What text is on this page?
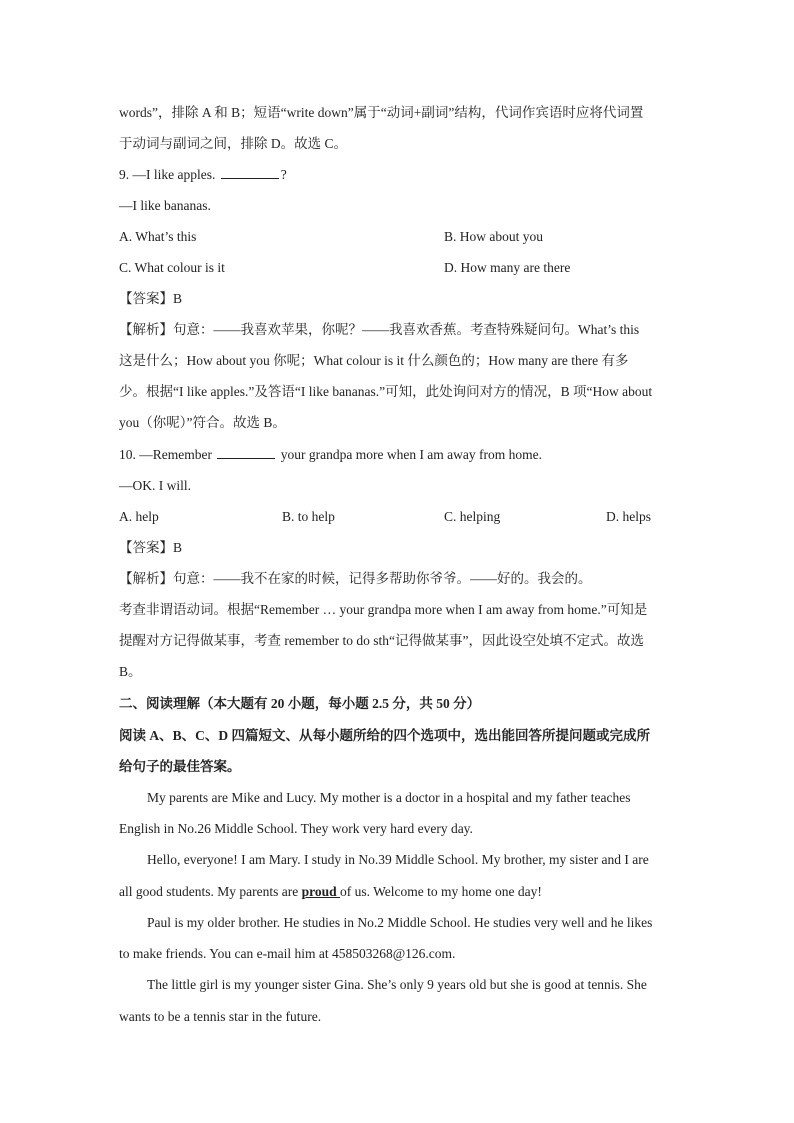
words”，排除 A 和 B；短语“write down”属于“动词+副词”结构，代词作宾语时应将代词置
于动词与副词之间，排除 D。故选 C。
9. —I like apples.	?
—I like bananas.
A. What’s this	B. How about you
C. What colour is it	D. How many are there
【答案】B
【解析】句意：——我喜欢苹果，你呢？——我喜欢香蕉。考查特殊疑问句。What’s this
这是什么；How about you 你呢；What colour is it 什么颜色的；How many are there 有多
少。根据“I like apples.”及答语“I like bananas.”可知，此处询问对方的情况，B 项“How about
you（你呢）”符合。故选 B。
10. —Remember	your grandpa more when I am away from home.
—OK. I will.
A. help	B. to help	C. helping	D. helps
【答案】B
【解析】句意：——我不在家的时候，记得多帮助你爷爷。——好的。我会的。
考查非谓语动词。根据“Remember … your grandpa more when I am away from home.”可知是
提醒对方记得做某事，考查 remember to do sth“记得做某事”，因此设空处填不定式。故选
B。
二、阅读理解（本大题有 20 小题，每小题 2.5 分，共 50 分）
阅读 A、B、C、D 四篇短文、从每小题所给的四个选项中，选出能回答所提问题或完成所
给句子的最佳答案。
My parents are Mike and Lucy. My mother is a doctor in a hospital and my father teaches
English in No.26 Middle School. They work very hard every day.
Hello, everyone! I am Mary. I study in No.39 Middle School. My brother, my sister and I are
all good students. My parents are proud of us. Welcome to my home one day!
Paul is my older brother. He studies in No.2 Middle School. He studies very well and he likes
to make friends. You can e-mail him at 458503268@126.com.
The little girl is my younger sister Gina. She’s only 9 years old but she is good at tennis. She
wants to be a tennis star in the future.
